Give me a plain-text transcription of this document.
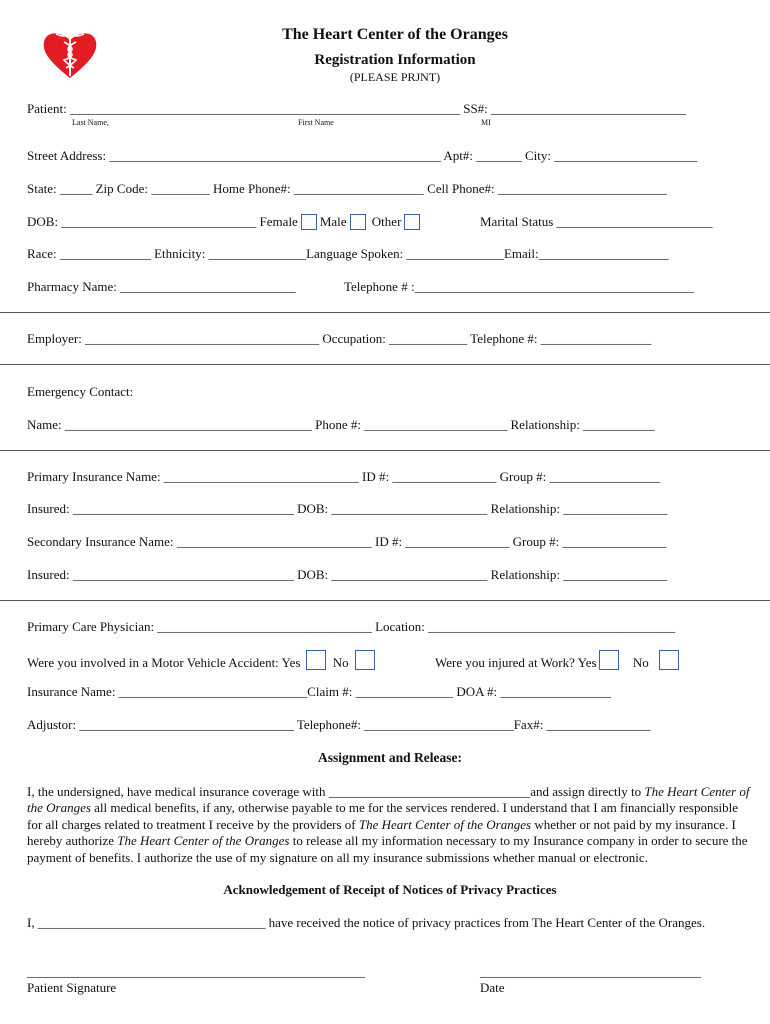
The Heart Center of the Oranges
Registration Information
(PLEASE PRJNT)
Patient: ____________________________________________________________ SS#: ______________________________
Last Name,	First Name	MI
Street Address: ___________________________________________________ Apt#: _______ City: ______________________
State: _____ Zip Code: _________ Home Phone#: ____________________ Cell Phone#: __________________________
DOB: ______________________________ Female Male Other	Marital Status ________________________
Race: ______________ Ethnicity: _______________Language Spoken: _______________Email:____________________
Pharmacy Name: ___________________________	Telephone # :___________________________________________
Employer: ____________________________________ Occupation: ____________ Telephone #: _________________
Emergency Contact:
Name: ______________________________________ Phone #: ______________________ Relationship: ___________
Primary Insurance Name: ______________________________ ID #: ________________ Group #: _________________
Insured: __________________________________ DOB: ________________________ Relationship: ________________
Secondary Insurance Name: ______________________________ ID #: ________________ Group #: ________________
Insured: __________________________________ DOB: ________________________ Relationship: ________________
Primary Care Physician: _________________________________ Location: ______________________________________
Were you involved in a Motor Vehicle Accident: Yes No	Were you injured at Work? Yes	No
Insurance Name: _____________________________Claim #: _______________ DOA #: _________________
Adjustor: _________________________________ Telephone#: _______________________Fax#: ________________
Assignment and Release:
I, the undersigned, have medical insurance coverage with _______________________________and assign directly to The Heart Center of the Oranges all medical benefits, if any, otherwise payable to me for the services rendered. I understand that I am financially responsible for all charges related to treatment I receive by the providers of The Heart Center of the Oranges whether or not paid by my insurance. I hereby authorize The Heart Center of the Oranges to release all my information necessary to my Insurance company in order to secure the payment of benefits. I authorize the use of my signature on all my insurance submissions whether manual or electronic.
Acknowledgement of Receipt of Notices of Privacy Practices
I, ___________________________________ have received the notice of privacy practices from The Heart Center of the Oranges.
____________________________________________________
Patient Signature
__________________________________
Date
